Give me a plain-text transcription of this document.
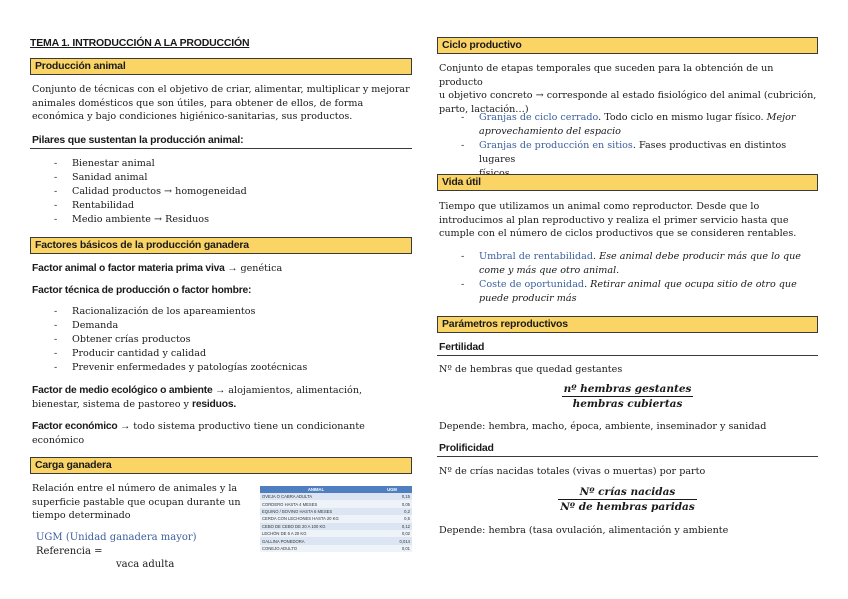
TEMA 1. INTRODUCCIÓN A LA PRODUCCIÓN
Producción animal
Conjunto de técnicas con el objetivo de criar, alimentar, multiplicar y mejorar
animales domésticos que son útiles, para obtener de ellos, de forma
económica y bajo condiciones higiénico-sanitarias, sus productos.
Pilares que sustentan la producción animal:
- Bienestar animal
- Sanidad animal
- Calidad productos → homogeneidad
- Rentabilidad
- Medio ambiente → Residuos
Factores básicos de la producción ganadera
Factor animal o factor materia prima viva → genética
Factor técnica de producción o factor hombre:
- Racionalización de los apareamientos
- Demanda
- Obtener crías productos
- Producir cantidad y calidad
- Prevenir enfermedades y patologías zootécnicas
Factor de medio ecológico o ambiente → alojamientos, alimentación,
bienestar, sistema de pastoreo y residuos.
Factor económico → todo sistema productivo tiene un condicionante
económico
Carga ganadera
Relación entre el número de animales y la
superficie pastable que ocupan durante un
tiempo determinado
UGM (Unidad ganadera mayor) Referencia =
vaca adulta
ANIMAL	UGM
OVEJA O CABRA ADULTA	0,15
CORDERO HASTA 4 MESES	0,05
EQUINO / BOVINO HASTA 6 MESES	0,2
CERDA CON LECHONES HASTA 20 KG	0,5
CEBO DE CEBO DE 20 A 100 KG	0,12
LECHÓN DE 6 A 20 KG	0,02
GALLINA PONEDORA	0,014
CONEJO ADULTO	0,01
Ciclo productivo
Conjunto de etapas temporales que suceden para la obtención de un producto
u objetivo concreto → corresponde al estado fisiológico del animal (cubrición,
parto, lactación…)
- Granjas de ciclo cerrado. Todo ciclo en mismo lugar físico. Mejor
aprovechamiento del espacio
- Granjas de producción en sitios. Fases productivas en distintos lugares

Vida útil
Tiempo que utilizamos un animal como reproductor. Desde que lo
introducimos al plan reproductivo y realiza el primer servicio hasta que
cumple con el número de ciclos productivos que se consideren rentables.
- Umbral de rentabilidad. Ese animal debe producir más que lo que
come y más que otro animal.
- Coste de oportunidad. Retirar animal que ocupa sitio de otro que
puede producir más
Parámetros reproductivos
Fertilidad
Nº de hembras que quedad gestantes
$\frac{\text{nº hembras gestantes}}{\text{hembras cubiertas}}$
Depende: hembra, macho, época, ambiente, inseminador y sanidad
Prolificidad
Nº de crías nacidas totales (vivas o muertas) por parto
$\frac{\text{Nº crías nacidas}}{\text{Nº de hembras paridas}}$
Depende: hembra (tasa ovulación, alimentación y ambiente
